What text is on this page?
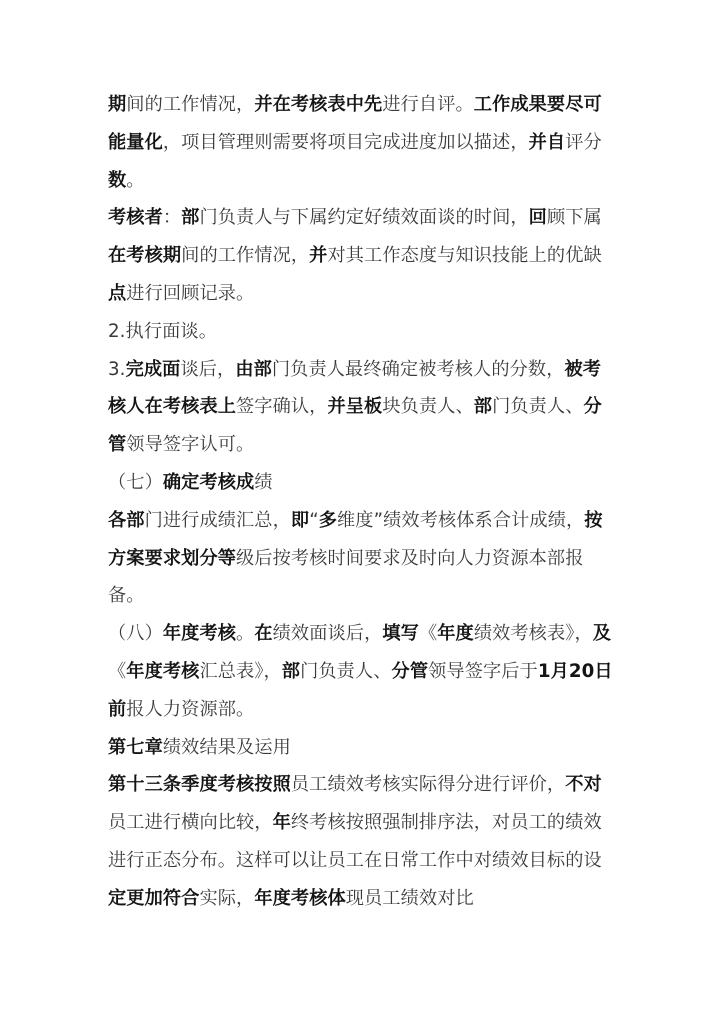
期间的工作情况，并在考核表中先进行自评。工作成果要尽可
能量化，项目管理则需要将项目完成进度加以描述，并自评分
数。
考核者：部门负责人与下属约定好绩效面谈的时间，回顾下属
在考核期间的工作情况，并对其工作态度与知识技能上的优缺
点进行回顾记录。
2.执行面谈。
3.完成面谈后，由部门负责人最终确定被考核人的分数，被考
核人在考核表上签字确认，并呈板块负责人、部门负责人、分
管领导签字认可。
（七）确定考核成绩
各部门进行成绩汇总，即“多维度”绩效考核体系合计成绩，按
方案要求划分等级后按考核时间要求及时向人力资源本部报
备。
（八）年度考核。在绩效面谈后，填写《年度绩效考核表》，及
《年度考核汇总表》，部门负责人、分管领导签字后于1月20日
前报人力资源部。
第七章绩效结果及运用
第十三条季度考核按照员工绩效考核实际得分进行评价，不对
员工进行横向比较，年终考核按照强制排序法，对员工的绩效
进行正态分布。这样可以让员工在日常工作中对绩效目标的设
定更加符合实际，年度考核体现员工绩效对比
